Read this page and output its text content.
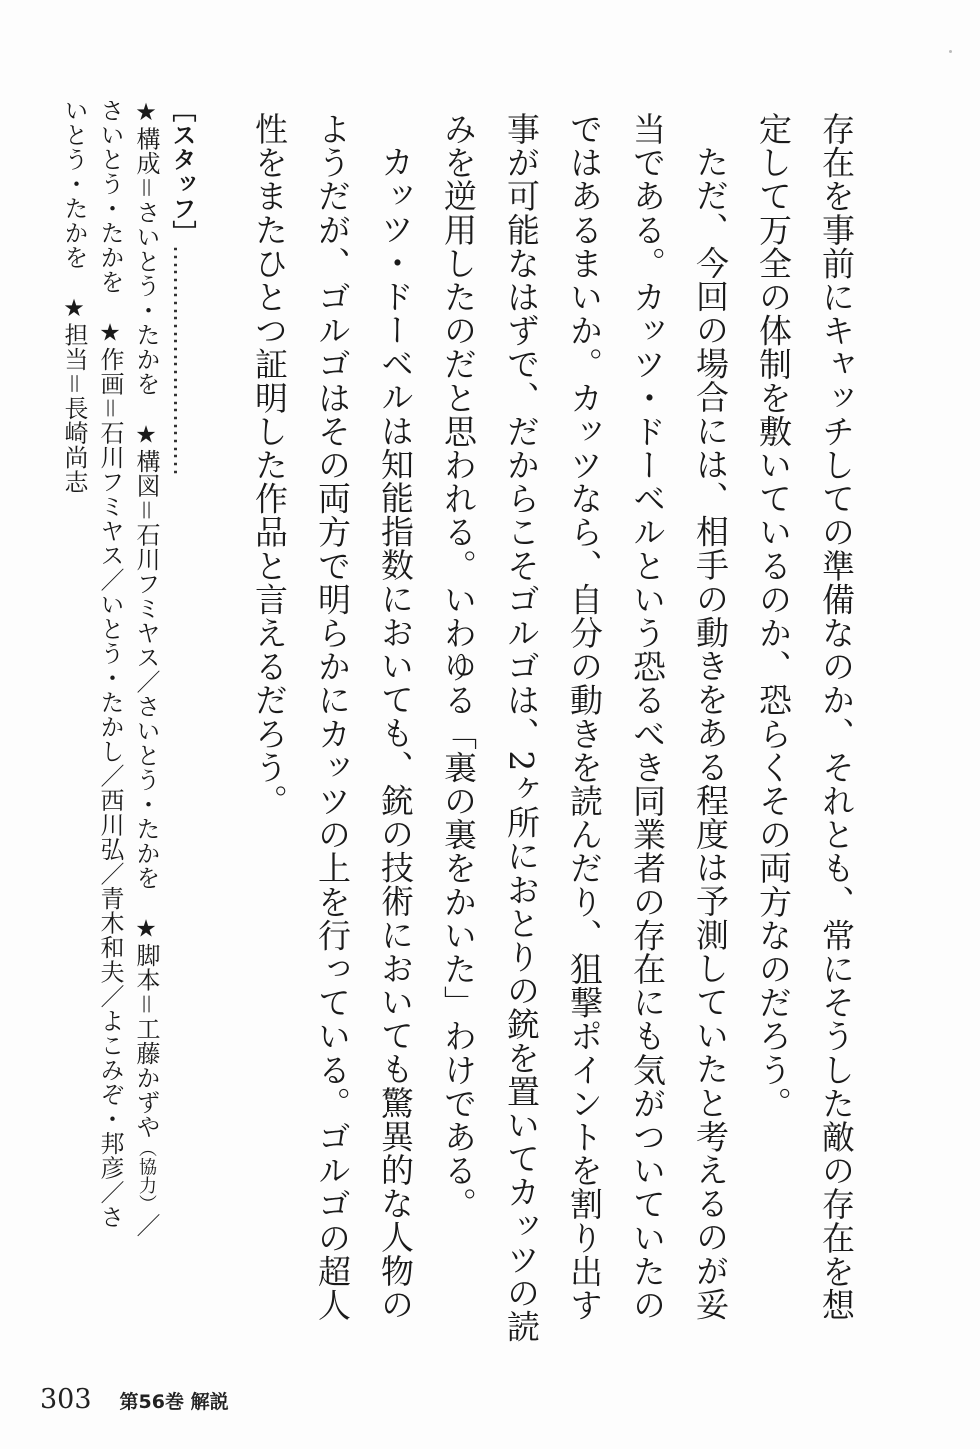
存在を事前にキャッチしての準備なのか、それとも、常にそうした敵の存在を想定して万全の体制を敷いているのか、恐らくその両方なのだろう。

ただ、今回の場合には、相手の動きをある程度は予測していたと考えるのが妥当である。カッツ・ドーベルという恐るべき同業者の存在にも気がついていたのではあるまいか。カッツなら、自分の動きを読んだり、狙撃ポイントを割り出す事が可能なはずで、だからこそゴルゴは、2ヶ所におとりの銃を置いてカッツの読みを逆用したのだと思われる。いわゆる「裏の裏をかいた」わけである。

カッツ・ドーベルは知能指数においても、銃の技術においても驚異的な人物のようだが、ゴルゴはその両方で明らかにカッツの上を行っている。ゴルゴの超人性をまたひとつ証明した作品と言えるだろう。

［スタッフ］…………………………
★構成＝さいとう・たかを　★構図＝石川フミヤス／さいとう・たかを　★脚本＝工藤かずや（協力）／
さいとう・たかを　★作画＝石川フミヤス／いとう・たかし／西川弘／青木和夫／よこみぞ・邦彦／さ
いとう・たかを　★担当＝長崎尚志
303 第56巻 解説
